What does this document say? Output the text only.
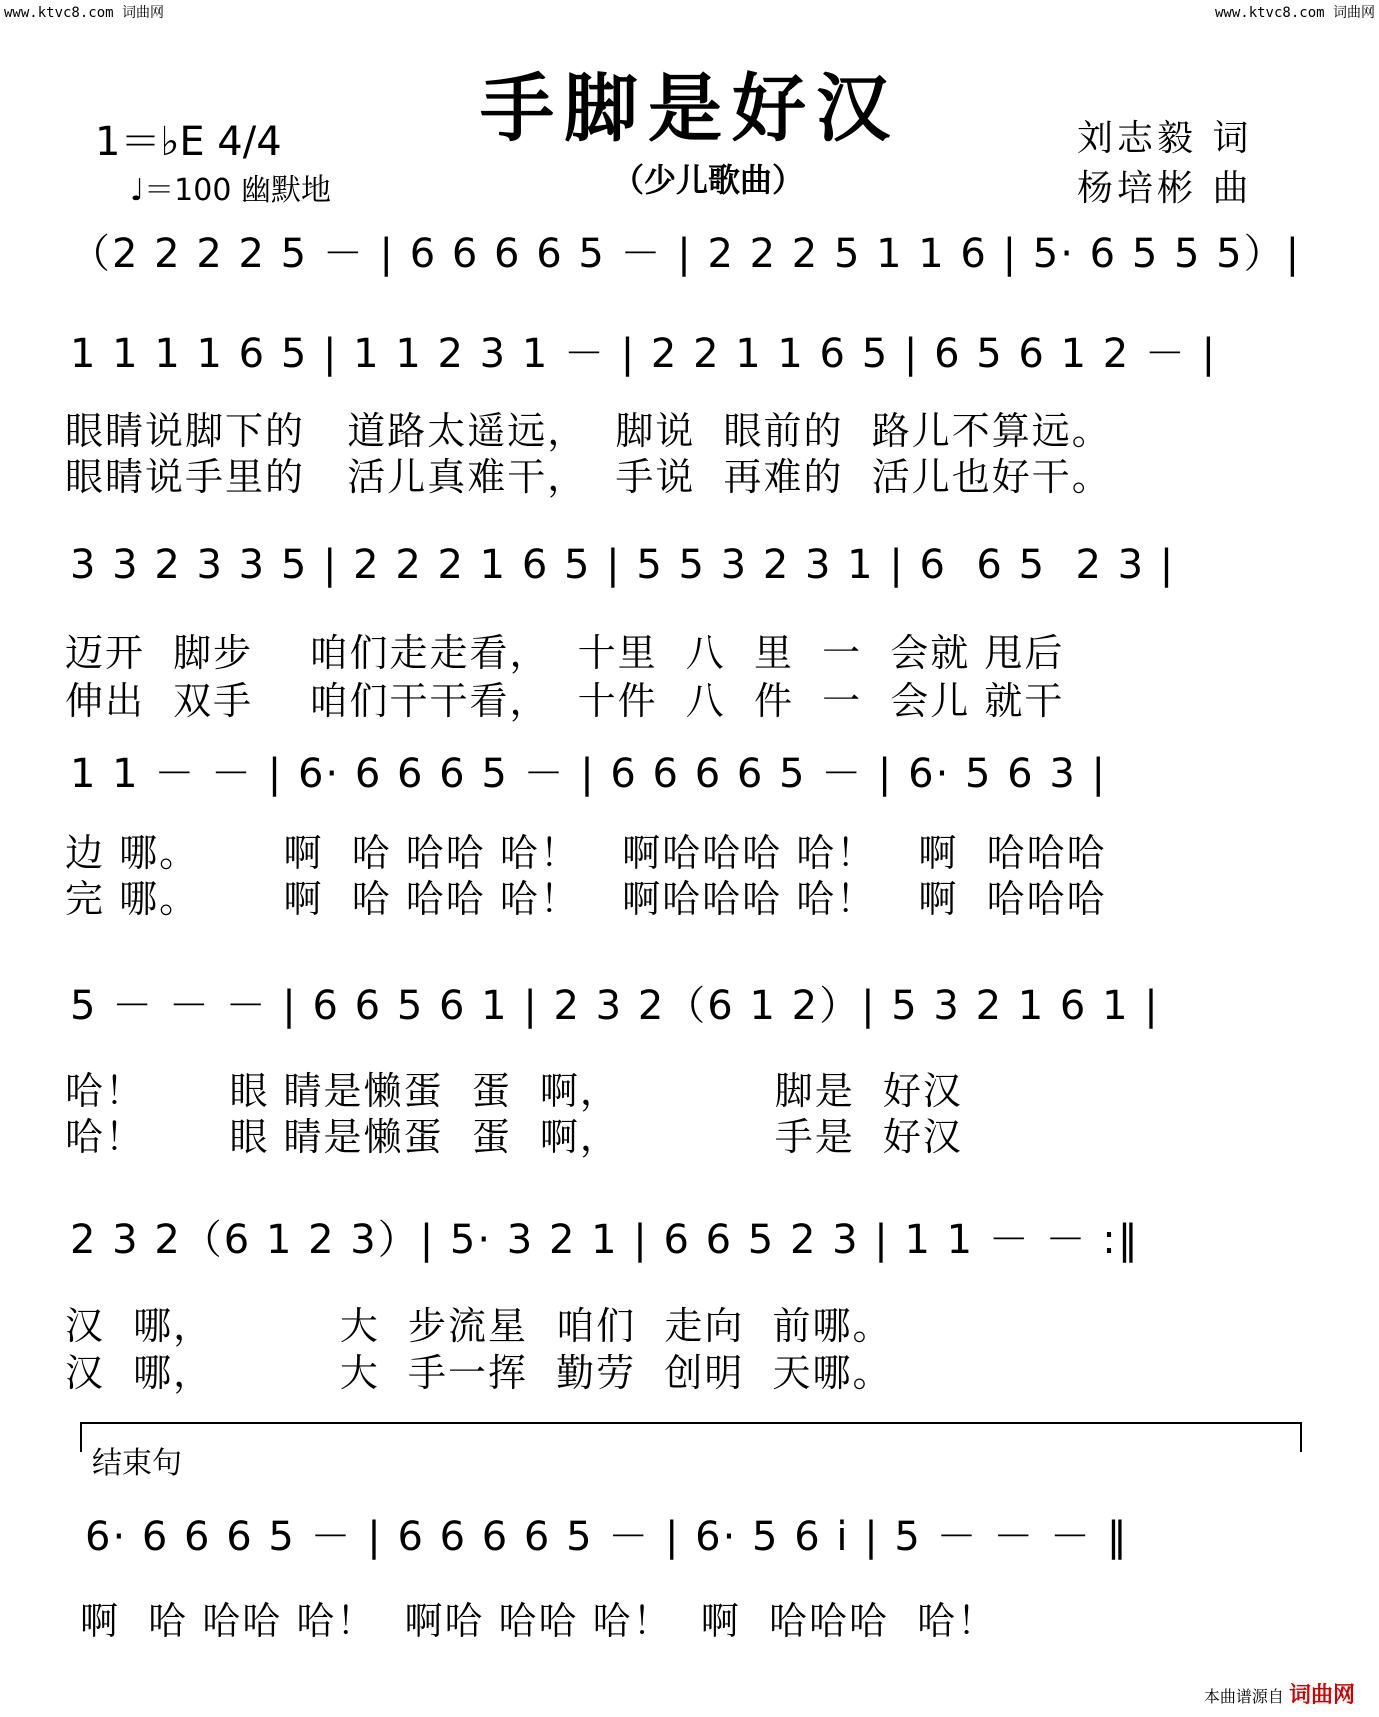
www.ktvc8.com 词曲网	www.ktvc8.com 词曲网
手脚是好汉
（少儿歌曲）
1＝♭E 4/4
♩＝100 幽默地
刘志毅 词
杨培彬 曲
（2 2 2 2 5 － | 6 6 6 6 5 － | 2 2 2 5 1 1 6 | 5· 6 5 5 5）|
1 1 1 1 6 5 | 1 1 2 3 1 － | 2 2 1 1 6 5 | 6 5 6 1 2 － |
眼睛说脚下的   道路太遥远，  脚说  眼前的  路儿不算远。
眼睛说手里的   活儿真难干，  手说  再难的  活儿也好干。
3 3 2 3 3 5 | 2 2 2 1 6 5 | 5 5 3 2 3 1 | 6  6 5  2 3 |
迈开  脚步    咱们走走看，  十里  八  里  一  会就 甩后
伸出  双手    咱们干干看，  十件  八  件  一  会儿 就干
1 1 － － | 6· 6 6 6 5 － | 6 6 6 6 5 － | 6· 5 6 3 |
边 哪。      啊  哈 哈哈 哈！   啊哈哈哈 哈！   啊  哈哈哈
完 哪。      啊  哈 哈哈 哈！   啊哈哈哈 哈！   啊  哈哈哈
5 － － － | 6 6 5 6 1 | 2 3 2（6 1 2）| 5 3 2 1 6 1 |
哈！      眼 睛是懒蛋  蛋  啊，           脚是  好汉
哈！      眼 睛是懒蛋  蛋  啊，           手是  好汉
2 3 2（6 1 2 3）| 5· 3 2 1 | 6 6 5 2 3 | 1 1 － － :‖
汉  哪，         大  步流星  咱们  走向  前哪。
汉  哪，         大  手一挥  勤劳  创明  天哪。
结束句
6· 6 6 6 5 － | 6 6 6 6 5 － | 6· 5 6 i | 5 － － － ‖
啊  哈 哈哈 哈！  啊哈 哈哈 哈！  啊  哈哈哈  哈！
本曲谱源自 词曲网
